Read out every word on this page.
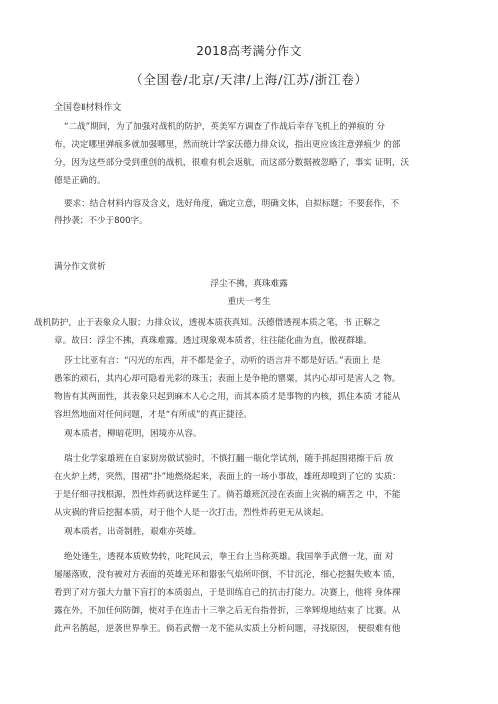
2018高考满分作文
（全国卷/北京/天津/上海/江苏/浙江卷）
全国卷Ⅱ材料作文
“二战”期间，为了加强对战机的防护，英美军方调查了作战后幸存飞机上的弹痕的 分
布，决定哪里弹痕多就加强哪里，然而统计学家沃德力排众议，指出更应该注意弹痕少 的部
分，因为这些部分受到重创的战机，很难有机会返航，而这部分数据被忽略了，事实 证明，沃
德是正确的。
要求：结合材料内容及含义，选好角度，确定立意，明确文体，自拟标题；不要套作，不
得抄袭；不少于800字。
满分作文赏析
浮尘不拂，真珠难露
重庆一考生
战机防护，止于表象众人服；力排众议，透视本质获真知。沃德借透视本质之笔，书 正解之
章。故曰：浮尘不拂，真珠难露。透过现象观本质者，往往能化曲为直，傲视群雄。
莎士比亚有言：“闪光的东西，并不都是金子，动听的语言并不都是好话。”表面上 是
愚笨的顽石，其内心却可隐着光彩的珠玉；表面上是争艳的罂粟，其内心却可是害人之 物。
物皆有其两面性，其表象只起到麻木人心之用，而其本质才是事物的内核，抓住本质 才能从
容坦然地面对任何问题，才是“有所成”的真正捷径。
观本质者，柳暗花明，困境亦从容。
瑞士化学家雄班在自家厨房做试验时，不慎打翻一瓶化学试剂，随手抓起围裙擦干后 放
在火炉上烤，突然，围裙“扑”地燃烧起来，表面上的一场小事故，雄班却嗅到了它的 实质：
于是仔细寻找根源，烈性炸药就这样诞生了。倘若雄班沉浸在表面上灾祸的痛苦之 中，不能
从灾祸的背后挖掘本质，对于他个人是一次打击，烈性炸药更无从谈起。
观本质者，出奇制胜，艰难亦英雄。
绝处逢生，透视本质败势转，叱咤风云，拳王台上当称英雄。我国拳手武僧一龙，面 对
屡屡落败，没有被对方表面的英雄光环和嚣张气焰所吓倒，不甘沉沦，细心挖掘失败本 质，
看到了对方强大力量下盲打的本质弱点，于是训练自己的抗击打能力。决赛上，他将 身体裸
露在外，不加任何防御，使对手在连击十三拳之后无台指骨折，三拳辉煌地结束了 比赛。从
此声名鹊起，逆袭世界拳王。倘若武僧一龙不能从实质上分析问题，寻找原因， 便很难有他
